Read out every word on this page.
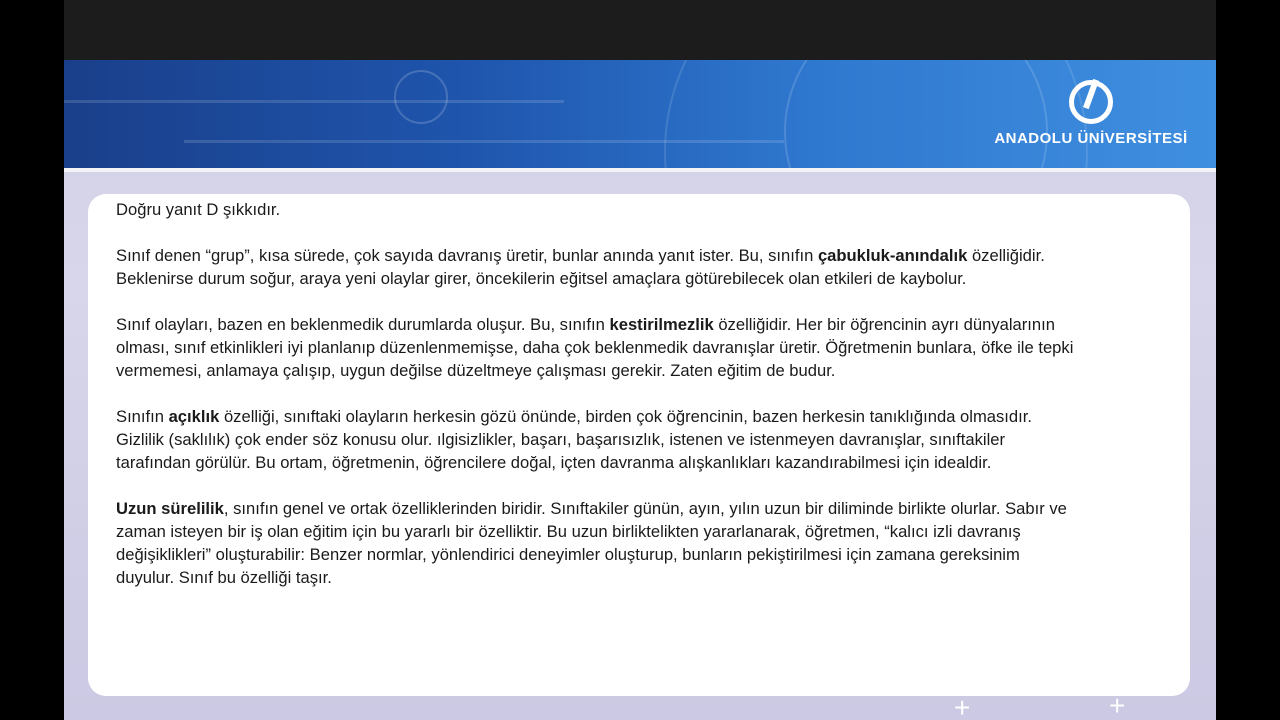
ANADOLU ÜNİVERSİTESİ

Doğru yanıt D şıkkıdır.

Sınıf denen “grup”, kısa sürede, çok sayıda davranış üretir, bunlar anında yanıt ister. Bu, sınıfın çabukluk-anındalık özelliğidir. Beklenirse durum soğur, araya yeni olaylar girer, öncekilerin eğitsel amaçlara götürebilecek olan etkileri de kaybolur.

Sınıf olayları, bazen en beklenmedik durumlarda oluşur. Bu, sınıfın kestirilmezlik özelliğidir. Her bir öğrencinin ayrı dünyalarının olması, sınıf etkinlikleri iyi planlanıp düzenlenmemişse, daha çok beklenmedik davranışlar üretir. Öğretmenin bunlara, öfke ile tepki vermemesi, anlamaya çalışıp, uygun değilse düzeltmeye çalışması gerekir. Zaten eğitim de budur.

Sınıfın açıklık özelliği, sınıftaki olayların herkesin gözü önünde, birden çok öğrencinin, bazen herkesin tanıklığında olmasıdır. Gizlilik (saklılık) çok ender söz konusu olur. ılgisizlikler, başarı, başarısızlık, istenen ve istenmeyen davranışlar, sınıftakiler tarafından görülür. Bu ortam, öğretmenin, öğrencilere doğal, içten davranma alışkanlıkları kazandırabilmesi için idealdir.

Uzun sürelilik, sınıfın genel ve ortak özelliklerinden biridir. Sınıftakiler günün, ayın, yılın uzun bir diliminde birlikte olurlar. Sabır ve zaman isteyen bir iş olan eğitim için bu yararlı bir özelliktir. Bu uzun birliktelikten yararlanarak, öğretmen, “kalıcı izli davranış değişiklikleri” oluşturabilir: Benzer normlar, yönlendirici deneyimler oluşturup, bunların pekiştirilmesi için zamana gereksinim duyulur. Sınıf bu özelliği taşır.

+	+
